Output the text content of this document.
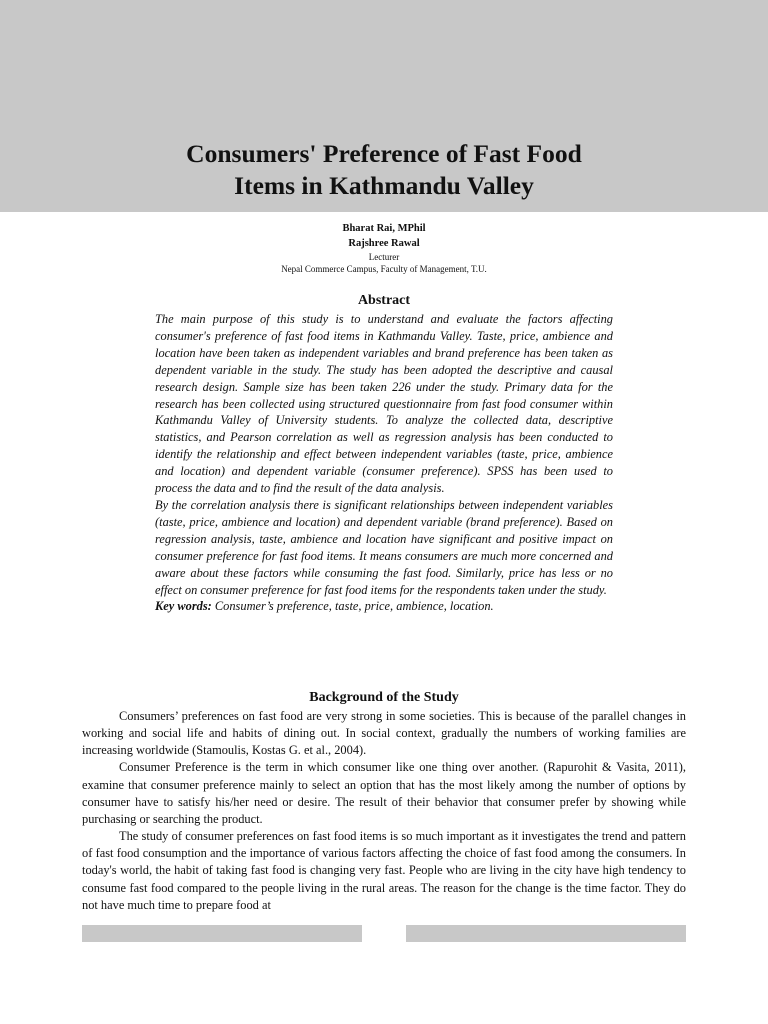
Consumers' Preference of Fast Food
Items in Kathmandu Valley
Bharat Rai, MPhil
Rajshree Rawal
Lecturer
Nepal Commerce Campus, Faculty of Management, T.U.
Abstract

The main purpose of this study is to understand and evaluate the factors affecting consumer's preference of fast food items in Kathmandu Valley. Taste, price, ambience and location have been taken as independent variables and brand preference has been taken as dependent variable in the study. The study has been adopted the descriptive and causal research design. Sample size has been taken 226 under the study. Primary data for the research has been collected using structured questionnaire from fast food consumer within Kathmandu Valley of University students. To analyze the collected data, descriptive statistics, and Pearson correlation as well as regression analysis has been conducted to identify the relationship and effect between independent variables (taste, price, ambience and location) and dependent variable (consumer preference). SPSS has been used to process the data and to find the result of the data analysis.

By the correlation analysis there is significant relationships between independent variables (taste, price, ambience and location) and dependent variable (brand preference). Based on regression analysis, taste, ambience and location have significant and positive impact on consumer preference for fast food items. It means consumers are much more concerned and aware about these factors while consuming the fast food. Similarly, price has less or no effect on consumer preference for fast food items for the respondents taken under the study.

Key words: Consumer’s preference, taste, price, ambience, location.

Background of the Study

Consumers’ preferences on fast food are very strong in some societies. This is because of the parallel changes in working and social life and habits of dining out. In social context, gradually the numbers of working families are increasing worldwide (Stamoulis, Kostas G. et al., 2004).

Consumer Preference is the term in which consumer like one thing over another. (Rapurohit & Vasita, 2011), examine that consumer preference mainly to select an option that has the most likely among the number of options by consumer have to satisfy his/her need or desire. The result of their behavior that consumer prefer by showing while purchasing or searching the product.

The study of consumer preferences on fast food items is so much important as it investigates the trend and pattern of fast food consumption and the importance of various factors affecting the choice of fast food among the consumers. In today's world, the habit of taking fast food is changing very fast. People who are living in the city have high tendency to consume fast food compared to the people living in the rural areas. The reason for the change is the time factor. They do not have much time to prepare food at
